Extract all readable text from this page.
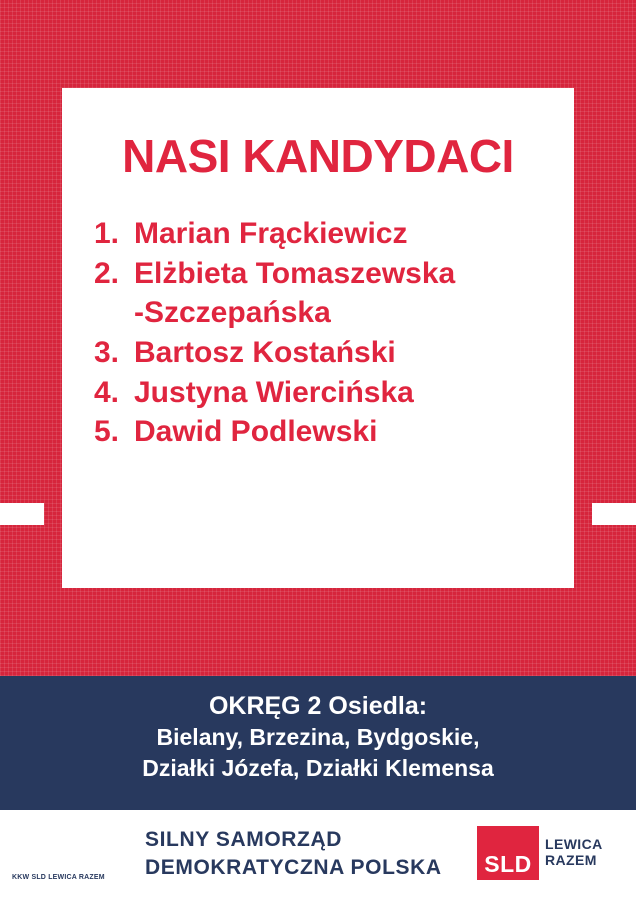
NASI KANDYDACI
1. Marian Frąckiewicz
2. Elżbieta Tomaszewska
-Szczepańska
3. Bartosz Kostański
4. Justyna Wiercińska
5. Dawid Podlewski
OKRĘG 2 Osiedla:
Bielany, Brzezina, Bydgoskie,
Działki Józefa, Działki Klemensa
SILNY SAMORZĄD
DEMOKRATYCZNA POLSKA
KKW SLD LEWICA RAZEM
SLD
LEWICA
RAZEM
